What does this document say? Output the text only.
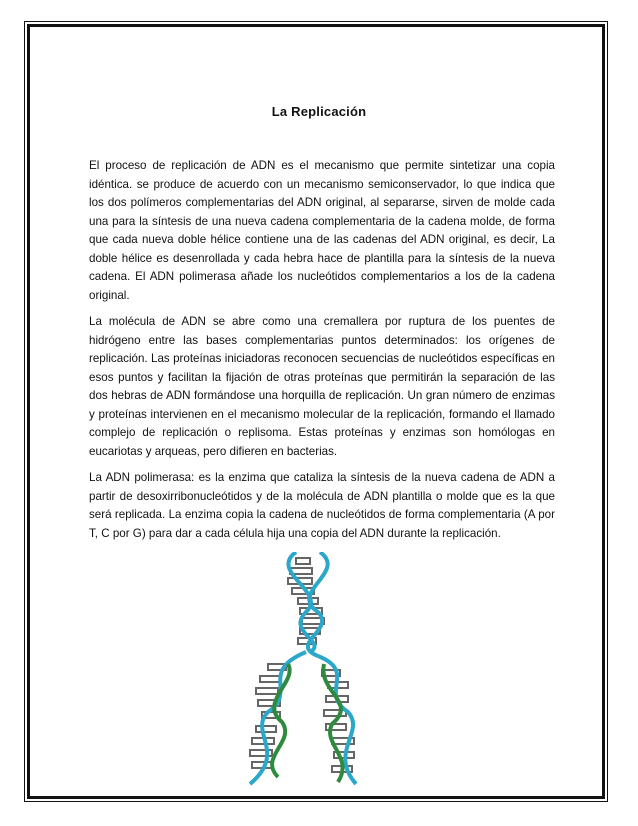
La Replicación

El proceso de replicación de ADN es el mecanismo que permite sintetizar una copia idéntica. se produce de acuerdo con un mecanismo semiconservador, lo que indica que los dos polímeros complementarias del ADN original, al separarse, sirven de molde cada una para la síntesis de una nueva cadena complementaria de la cadena molde, de forma que cada nueva doble hélice contiene una de las cadenas del ADN original, es decir, La doble hélice es desenrollada y cada hebra hace de plantilla para la síntesis de la nueva cadena. El ADN polimerasa añade los nucleótidos complementarios a los de la cadena original.

La molécula de ADN se abre como una cremallera por ruptura de los puentes de hidrógeno entre las bases complementarias puntos determinados: los orígenes de replicación. Las proteínas iniciadoras reconocen secuencias de nucleótidos específicas en esos puntos y facilitan la fijación de otras proteínas que permitirán la separación de las dos hebras de ADN formándose una horquilla de replicación. Un gran número de enzimas y proteínas intervienen en el mecanismo molecular de la replicación, formando el llamado complejo de replicación o replisoma. Estas proteínas y enzimas son homólogas en eucariotas y arqueas, pero difieren en bacterias.

La ADN polimerasa: es la enzima que cataliza la síntesis de la nueva cadena de ADN a partir de desoxirribonucleótidos y de la molécula de ADN plantilla o molde que es la que será replicada. La enzima copia la cadena de nucleótidos de forma complementaria (A por T, C por G) para dar a cada célula hija una copia del ADN durante la replicación.
